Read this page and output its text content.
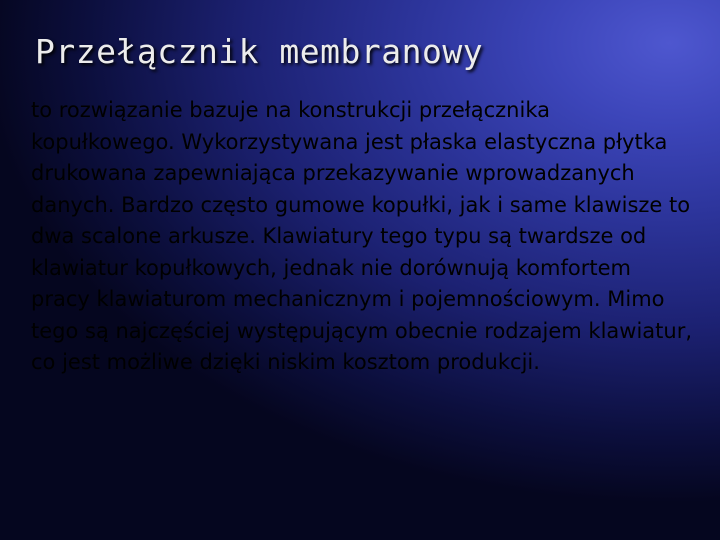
Przełącznik membranowy

to rozwiązanie bazuje na konstrukcji przełącznika kopułkowego. Wykorzystywana jest płaska elastyczna płytka drukowana zapewniająca przekazywanie wprowadzanych danych. Bardzo często gumowe kopułki, jak i same klawisze to dwa scalone arkusze. Klawiatury tego typu są twardsze od klawiatur kopułkowych, jednak nie dorównują komfortem pracy klawiaturom mechanicznym i pojemnościowym. Mimo tego są najczęściej występującym obecnie rodzajem klawiatur, co jest możliwe dzięki niskim kosztom produkcji.
